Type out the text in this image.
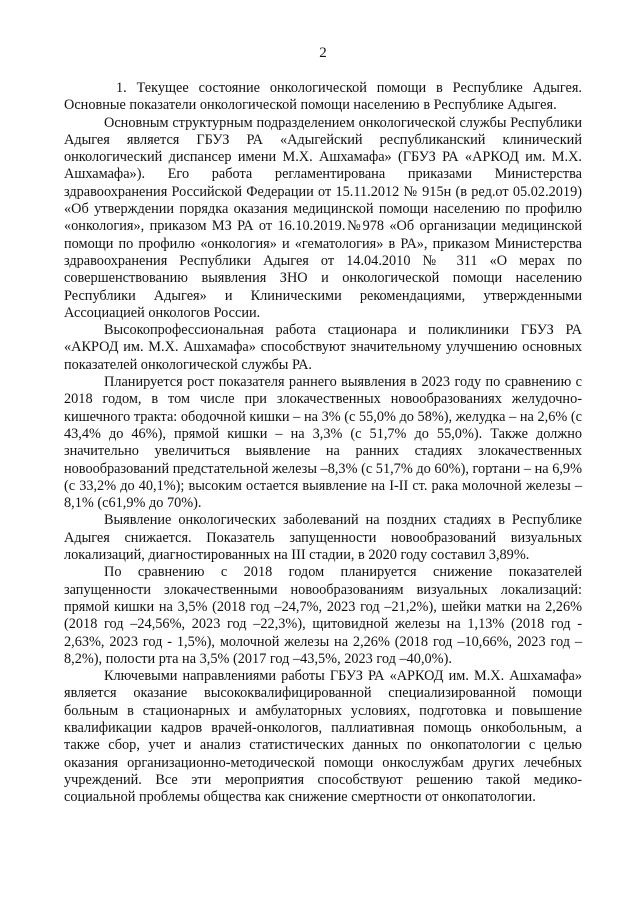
2

1. Текущее состояние онкологической помощи в Республике Адыгея. Основные показатели онкологической помощи населению в Республике Адыгея.

Основным структурным подразделением онкологической службы Республики Адыгея является ГБУЗ РА «Адыгейский республиканский клинический онкологический диспансер имени М.Х. Ашхамафа» (ГБУЗ РА «АРКОД им. М.Х. Ашхамафа»). Его работа регламентирована приказами Министерства здравоохранения Российской Федерации от 15.11.2012 № 915н (в ред.от 05.02.2019) «Об утверждении порядка оказания медицинской помощи населению по профилю «онкология», приказом МЗ РА от 16.10.2019.№978 «Об организации медицинской помощи по профилю «онкология» и «гематология» в РА», приказом Министерства здравоохранения Республики Адыгея от 14.04.2010 № 311 «О мерах по совершенствованию выявления ЗНО и онкологической помощи населению Республики Адыгея» и Клиническими рекомендациями, утвержденными Ассоциацией онкологов России.

Высокопрофессиональная работа стационара и поликлиники ГБУЗ РА «АКРОД им. М.Х. Ашхамафа» способствуют значительному улучшению основных показателей онкологической службы РА.

Планируется рост показателя раннего выявления в 2023 году по сравнению с 2018 годом, в том числе при злокачественных новообразованиях желудочно-кишечного тракта: ободочной кишки – на 3% (с 55,0% до 58%), желудка – на 2,6% (с 43,4% до 46%), прямой кишки – на 3,3% (с 51,7% до 55,0%). Также должно значительно увеличиться выявление на ранних стадиях злокачественных новообразований предстательной железы –8,3% (с 51,7% до 60%), гортани – на 6,9% (с 33,2% до 40,1%); высоким остается выявление на I-II ст. рака молочной железы –8,1% (с61,9% до 70%).

Выявление онкологических заболеваний на поздних стадиях в Республике Адыгея снижается. Показатель запущенности новообразований визуальных локализаций, диагностированных на III стадии, в 2020 году составил 3,89%.

По сравнению с 2018 годом планируется снижение показателей запущенности злокачественными новообразованиям визуальных локализаций: прямой кишки на 3,5% (2018 год –24,7%, 2023 год –21,2%), шейки матки на 2,26% (2018 год –24,56%, 2023 год –22,3%), щитовидной железы на 1,13% (2018 год - 2,63%, 2023 год - 1,5%), молочной железы на 2,26% (2018 год –10,66%, 2023 год –8,2%), полости рта на 3,5% (2017 год –43,5%, 2023 год –40,0%).

Ключевыми направлениями работы ГБУЗ РА «АРКОД им. М.Х. Ашхамафа» является оказание высококвалифицированной специализированной помощи больным в стационарных и амбулаторных условиях, подготовка и повышение квалификации кадров врачей-онкологов, паллиативная помощь онкобольным, а также сбор, учет и анализ статистических данных по онкопатологии с целью оказания организационно-методической помощи онкослужбам других лечебных учреждений. Все эти мероприятия способствуют решению такой медико-социальной проблемы общества как снижение смертности от онкопатологии.
